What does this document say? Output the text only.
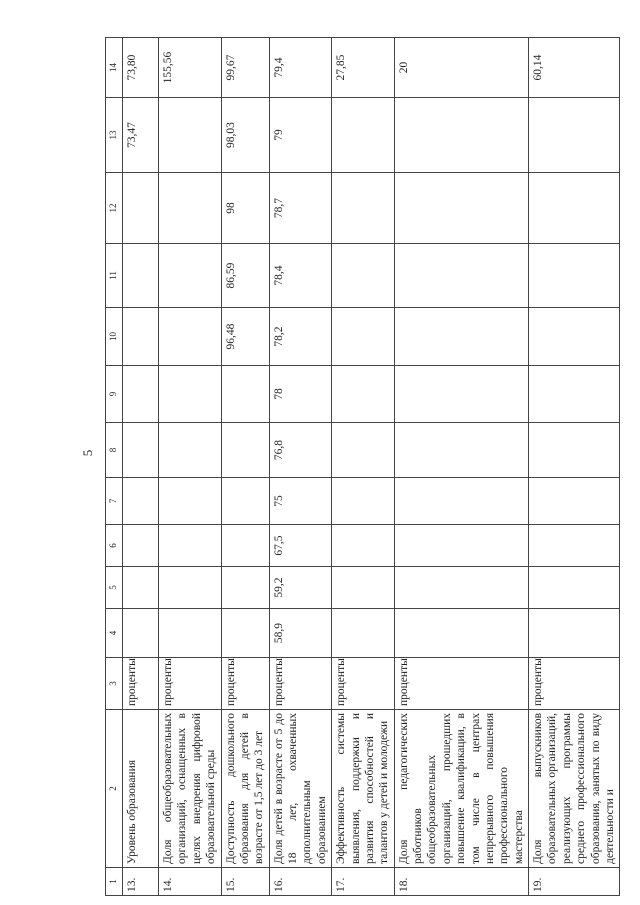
5
1	2	3	4	5	6	7	8	9	10	11	12	13	14
13.	Уровень образования	проценты										73,47	73,80
14.	Доля общеобразовательных организаций, оснащенных в целях внедрения цифровой образовательной среды	проценты											155,56
15.	Доступность дошкольного образования для детей в возрасте от 1,5 лет до 3 лет	проценты							96,48	86,59	98	98,03	99,67
16.	Доля детей в возрасте от 5 до 18 лет, охваченных дополнительным образованием	проценты	58,9	59,2	67,5	75	76,8	78	78,2	78,4	78,7	79	79,4
17.	Эффективность системы выявления, поддержки и развития способностей и талантов у детей и молодежи	проценты											27,85
18.	Доля педагогических работников общеобразовательных организаций, прошедших повышение квалификации, в том числе в центрах непрерывного повышения профессионального мастерства	проценты											20
19.	Доля выпускников образовательных организаций, реализующих программы среднего профессионального образования, занятых по виду деятельности и	проценты											60,14
